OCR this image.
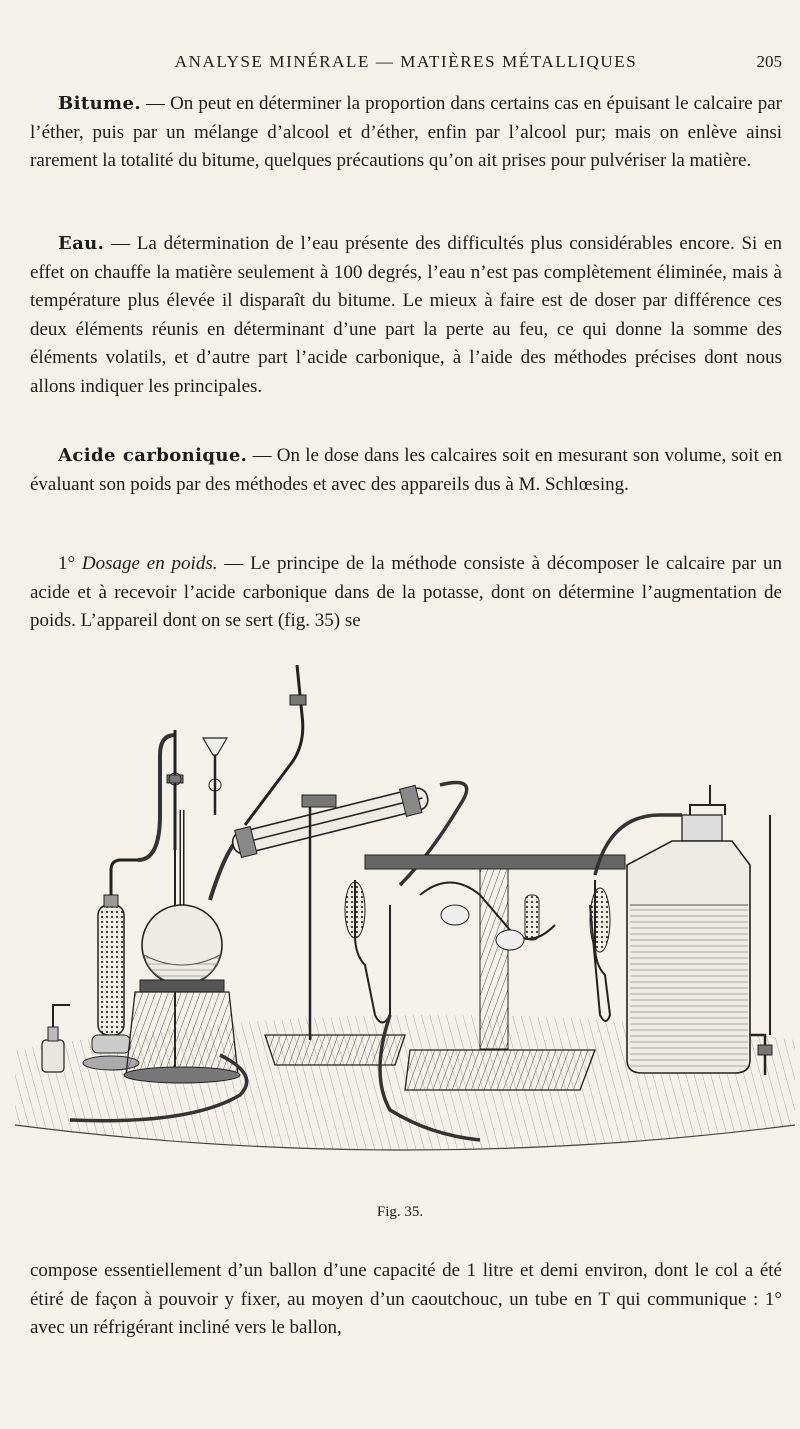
ANALYSE MINÉRALE — MATIÈRES MÉTALLIQUES	205

Bitume. — On peut en déterminer la proportion dans certains cas en épuisant le calcaire par l’éther, puis par un mélange d’alcool et d’éther, enfin par l’alcool pur; mais on enlève ainsi rarement la totalité du bitume, quelques précautions qu’on ait prises pour pulvériser la matière.

Eau. — La détermination de l’eau présente des difficultés plus considérables encore. Si en effet on chauffe la matière seulement à 100 degrés, l’eau n’est pas complètement éliminée, mais à température plus élevée il disparaît du bitume. Le mieux à faire est de doser par différence ces deux éléments réunis en déterminant d’une part la perte au feu, ce qui donne la somme des éléments volatils, et d’autre part l’acide carbonique, à l’aide des méthodes précises dont nous allons indiquer les principales.

Acide carbonique. — On le dose dans les calcaires soit en mesurant son volume, soit en évaluant son poids par des méthodes et avec des appareils dus à M. Schlœsing.

1° Dosage en poids. — Le principe de la méthode consiste à décomposer le calcaire par un acide et à recevoir l’acide carbonique dans de la potasse, dont on détermine l’augmentation de poids. L’appareil dont on se sert (fig. 35) se

Fig. 35.

compose essentiellement d’un ballon d’une capacité de 1 litre et demi environ, dont le col a été étiré de façon à pouvoir y fixer, au moyen d’un caoutchouc, un tube en T qui communique : 1° avec un réfrigérant incliné vers le ballon,
